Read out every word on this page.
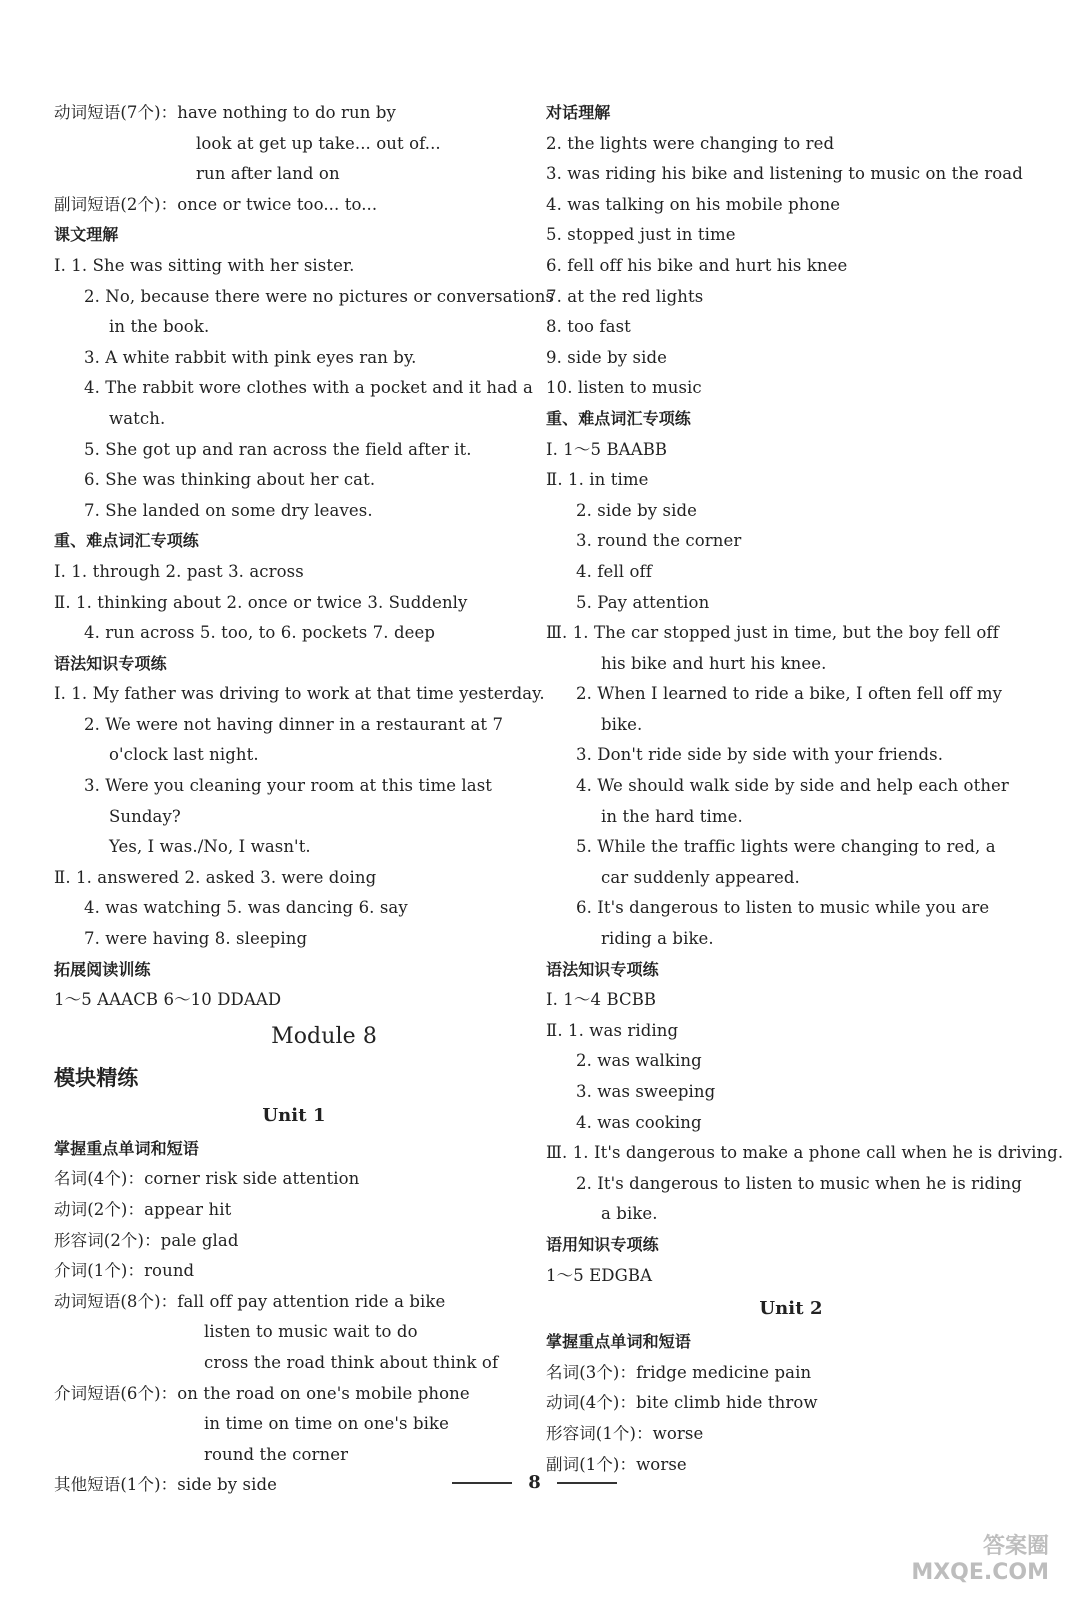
动词短语(7个)：have nothing to do run by
look at get up take... out of...
run after land on
副词短语(2个)：once or twice too... to...
课文理解
Ⅰ. 1. She was sitting with her sister.
2. No, because there were no pictures or conversations
in the book.
3. A white rabbit with pink eyes ran by.
4. The rabbit wore clothes with a pocket and it had a
watch.
5. She got up and ran across the field after it.
6. She was thinking about her cat.
7. She landed on some dry leaves.
重、难点词汇专项练
Ⅰ. 1. through 2. past 3. across
Ⅱ. 1. thinking about 2. once or twice 3. Suddenly
4. run across 5. too, to 6. pockets 7. deep
语法知识专项练
Ⅰ. 1. My father was driving to work at that time yesterday.
2. We were not having dinner in a restaurant at 7
o'clock last night.
3. Were you cleaning your room at this time last
Sunday?
Yes, I was./No, I wasn't.
Ⅱ. 1. answered 2. asked 3. were doing
4. was watching 5. was dancing 6. say
7. were having 8. sleeping
拓展阅读训练
1～5 AAACB 6～10 DDAAD
Module 8
模块精练
Unit 1
掌握重点单词和短语
名词(4个)：corner risk side attention
动词(2个)：appear hit
形容词(2个)：pale glad
介词(1个)：round
动词短语(8个)：fall off pay attention ride a bike
listen to music wait to do
cross the road think about think of
介词短语(6个)：on the road on one's mobile phone
in time on time on one's bike
round the corner
其他短语(1个)：side by side
对话理解
2. the lights were changing to red
3. was riding his bike and listening to music on the road
4. was talking on his mobile phone
5. stopped just in time
6. fell off his bike and hurt his knee
7. at the red lights
8. too fast
9. side by side
10. listen to music
重、难点词汇专项练
Ⅰ. 1～5 BAABB
Ⅱ. 1. in time
2. side by side
3. round the corner
4. fell off
5. Pay attention
Ⅲ. 1. The car stopped just in time, but the boy fell off
his bike and hurt his knee.
2. When I learned to ride a bike, I often fell off my
bike.
3. Don't ride side by side with your friends.
4. We should walk side by side and help each other
in the hard time.
5. While the traffic lights were changing to red, a
car suddenly appeared.
6. It's dangerous to listen to music while you are
riding a bike.
语法知识专项练
Ⅰ. 1～4 BCBB
Ⅱ. 1. was riding
2. was walking
3. was sweeping
4. was cooking
Ⅲ. 1. It's dangerous to make a phone call when he is driving.
2. It's dangerous to listen to music when he is riding
a bike.
语用知识专项练
1～5 EDGBA
Unit 2
掌握重点单词和短语
名词(3个)：fridge medicine pain
动词(4个)：bite climb hide throw
形容词(1个)：worse
副词(1个)：worse
8
答案圈
MXQE.COM
